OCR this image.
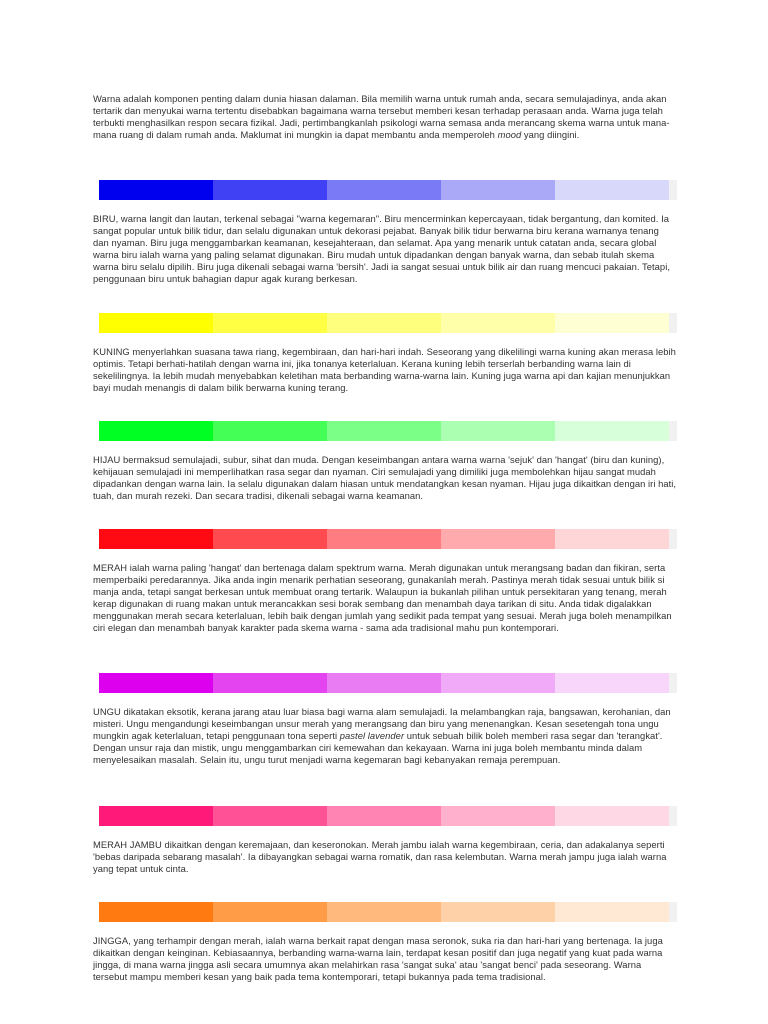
Warna adalah komponen penting dalam dunia hiasan dalaman. Bila memilih warna untuk rumah anda, secara semulajadinya, anda akan tertarik dan menyukai warna tertentu disebabkan bagaimana warna tersebut memberi kesan terhadap perasaan anda. Warna juga telah terbukti menghasilkan respon secara fizikal. Jadi, pertimbangkanlah psikologi warna semasa anda merancang skema warna untuk mana-mana ruang di dalam rumah anda. Maklumat ini mungkin ia dapat membantu anda memperoleh mood yang diingini.

BIRU, warna langit dan lautan, terkenal sebagai "warna kegemaran". Biru mencerminkan kepercayaan, tidak bergantung, dan komited. Ia sangat popular untuk bilik tidur, dan selalu digunakan untuk dekorasi pejabat. Banyak bilik tidur berwarna biru kerana warnanya tenang dan nyaman. Biru juga menggambarkan keamanan, kesejahteraan, dan selamat. Apa yang menarik untuk catatan anda, secara global warna biru ialah warna yang paling selamat digunakan. Biru mudah untuk dipadankan dengan banyak warna, dan sebab itulah skema warna biru selalu dipilih. Biru juga dikenali sebagai warna 'bersih'. Jadi ia sangat sesuai untuk bilik air dan ruang mencuci pakaian. Tetapi, penggunaan biru untuk bahagian dapur agak kurang berkesan.

KUNING menyerlahkan suasana tawa riang, kegembiraan, dan hari-hari indah. Seseorang yang dikelilingi warna kuning akan merasa lebih optimis. Tetapi berhati-hatilah dengan warna ini, jika tonanya keterlaluan. Kerana kuning lebih terserlah berbanding warna lain di sekelilingnya. Ia lebih mudah menyebabkan keletihan mata berbanding warna-warna lain. Kuning juga warna api dan kajian menunjukkan bayi mudah menangis di dalam bilik berwarna kuning terang.

HIJAU bermaksud semulajadi, subur, sihat dan muda. Dengan keseimbangan antara warna warna 'sejuk' dan 'hangat' (biru dan kuning), kehijauan semulajadi ini memperlihatkan rasa segar dan nyaman. Ciri semulajadi yang dimiliki juga membolehkan hijau sangat mudah dipadankan dengan warna lain. Ia selalu digunakan dalam hiasan untuk mendatangkan kesan nyaman. Hijau juga dikaitkan dengan iri hati, tuah, dan murah rezeki. Dan secara tradisi, dikenali sebagai warna keamanan.

MERAH ialah warna paling 'hangat' dan bertenaga dalam spektrum warna. Merah digunakan untuk merangsang badan dan fikiran, serta memperbaiki peredarannya. Jika anda ingin menarik perhatian seseorang, gunakanlah merah. Pastinya merah tidak sesuai untuk bilik si manja anda, tetapi sangat berkesan untuk membuat orang tertarik. Walaupun ia bukanlah pilihan untuk persekitaran yang tenang, merah kerap digunakan di ruang makan untuk merancakkan sesi borak sembang dan menambah daya tarikan di situ. Anda tidak digalakkan menggunakan merah secara keterlaluan, lebih baik dengan jumlah yang sedikit pada tempat yang sesuai. Merah juga boleh menampilkan ciri elegan dan menambah banyak karakter pada skema warna - sama ada tradisional mahu pun kontemporari.

UNGU dikatakan eksotik, kerana jarang atau luar biasa bagi warna alam semulajadi. Ia melambangkan raja, bangsawan, kerohanian, dan misteri. Ungu mengandungi keseimbangan unsur merah yang merangsang dan biru yang menenangkan. Kesan sesetengah tona ungu mungkin agak keterlaluan, tetapi penggunaan tona seperti pastel lavender untuk sebuah bilik boleh memberi rasa segar dan 'terangkat'. Dengan unsur raja dan mistik, ungu menggambarkan ciri kemewahan dan kekayaan. Warna ini juga boleh membantu minda dalam menyelesaikan masalah. Selain itu, ungu turut menjadi warna kegemaran bagi kebanyakan remaja perempuan.

MERAH JAMBU dikaitkan dengan keremajaan, dan keseronokan. Merah jambu ialah warna kegembiraan, ceria, dan adakalanya seperti 'bebas daripada sebarang masalah'. Ia dibayangkan sebagai warna romatik, dan rasa kelembutan. Warna merah jampu juga ialah warna yang tepat untuk cinta.

JINGGA, yang terhampir dengan merah, ialah warna berkait rapat dengan masa seronok, suka ria dan hari-hari yang bertenaga. Ia juga dikaitkan dengan keinginan. Kebiasaannya, berbanding warna-warna lain, terdapat kesan positif dan juga negatif yang kuat pada warna jingga, di mana warna jingga asli secara umumnya akan melahirkan rasa 'sangat suka' atau 'sangat benci' pada seseorang. Warna tersebut mampu memberi kesan yang baik pada tema kontemporari, tetapi bukannya pada tema tradisional.
